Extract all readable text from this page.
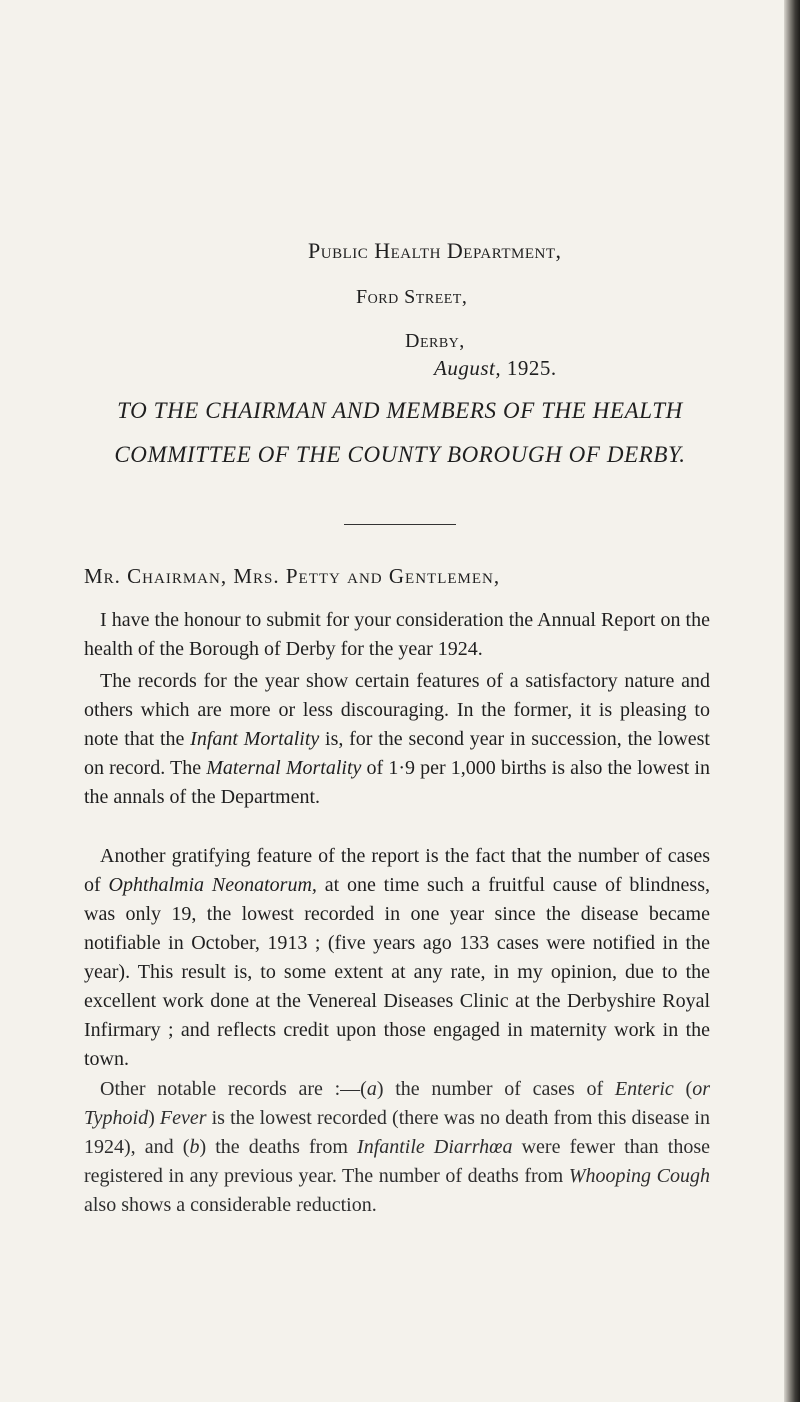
Public Health Department,
Ford Street,
Derby,
August, 1925.
TO THE CHAIRMAN AND MEMBERS OF THE HEALTH
COMMITTEE OF THE COUNTY BOROUGH OF DERBY.
Mr. Chairman, Mrs. Petty and Gentlemen,

I have the honour to submit for your consideration the Annual Report on the health of the Borough of Derby for the year 1924.

The records for the year show certain features of a satisfactory nature and others which are more or less discouraging. In the former, it is pleasing to note that the Infant Mortality is, for the second year in succession, the lowest on record. The Maternal Mortality of 1·9 per 1,000 births is also the lowest in the annals of the Department.

Another gratifying feature of the report is the fact that the number of cases of Ophthalmia Neonatorum, at one time such a fruitful cause of blindness, was only 19, the lowest recorded in one year since the disease became notifiable in October, 1913 ; (five years ago 133 cases were notified in the year). This result is, to some extent at any rate, in my opinion, due to the excellent work done at the Venereal Diseases Clinic at the Derbyshire Royal Infirmary ; and reflects credit upon those engaged in maternity work in the town.

Other notable records are :—(a) the number of cases of Enteric (or Typhoid) Fever is the lowest recorded (there was no death from this disease in 1924), and (b) the deaths from Infantile Diarrhœa were fewer than those registered in any previous year. The number of deaths from Whooping Cough also shows a considerable reduction.
